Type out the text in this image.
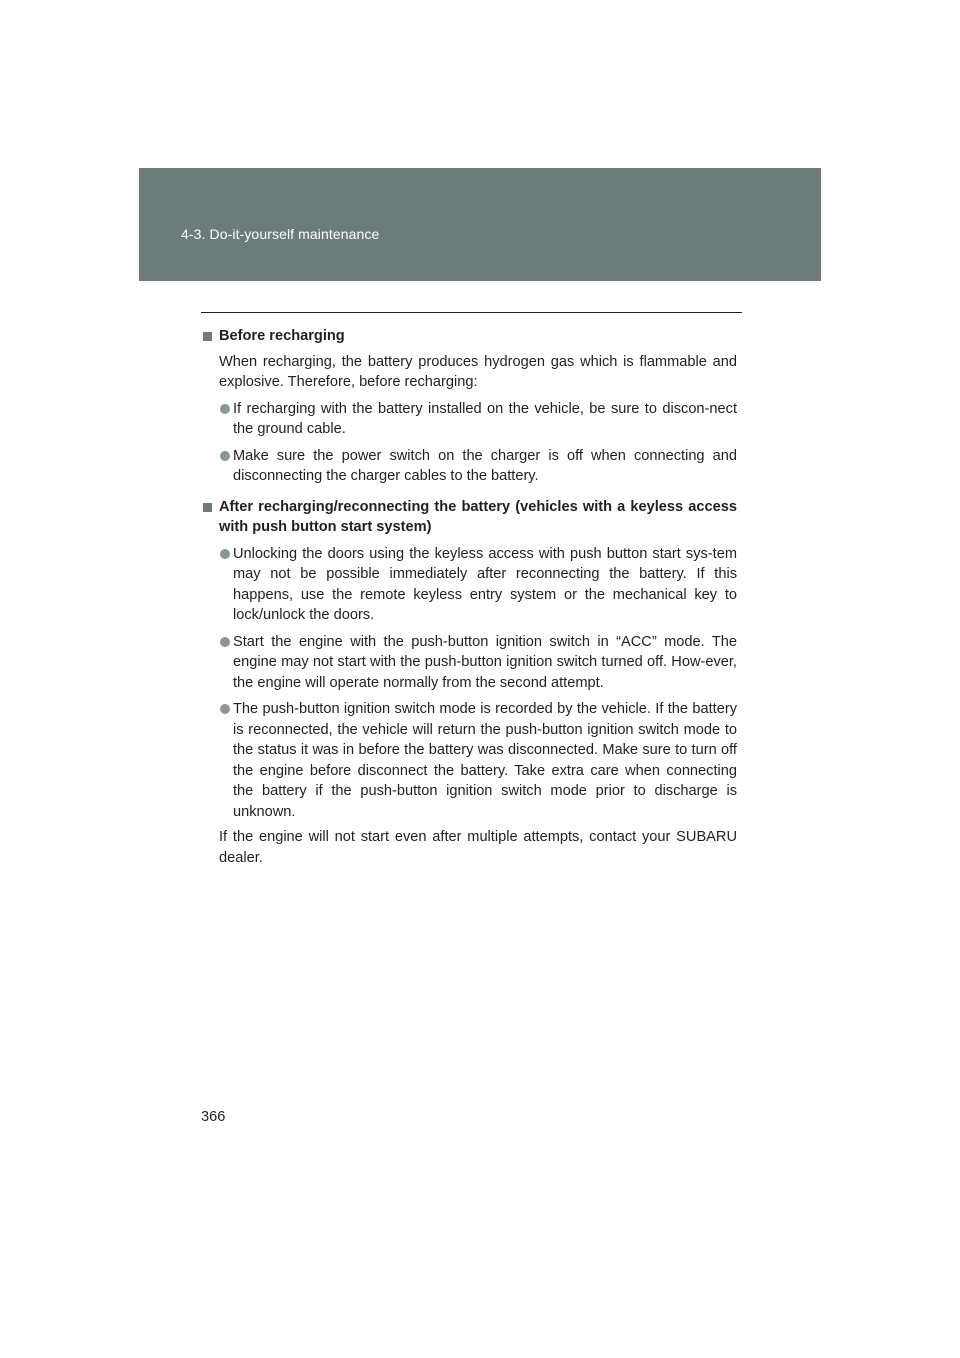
4-3. Do-it-yourself maintenance
Before recharging
When recharging, the battery produces hydrogen gas which is flammable and explosive. Therefore, before recharging:
If recharging with the battery installed on the vehicle, be sure to discon-nect the ground cable.
Make sure the power switch on the charger is off when connecting and disconnecting the charger cables to the battery.
After recharging/reconnecting the battery (vehicles with a keyless access with push button start system)
Unlocking the doors using the keyless access with push button start sys-tem may not be possible immediately after reconnecting the battery. If this happens, use the remote keyless entry system or the mechanical key to lock/unlock the doors.
Start the engine with the push-button ignition switch in “ACC” mode. The engine may not start with the push-button ignition switch turned off. How-ever, the engine will operate normally from the second attempt.
The push-button ignition switch mode is recorded by the vehicle. If the battery is reconnected, the vehicle will return the push-button ignition switch mode to the status it was in before the battery was disconnected. Make sure to turn off the engine before disconnect the battery. Take extra care when connecting the battery if the push-button ignition switch mode prior to discharge is unknown.
If the engine will not start even after multiple attempts, contact your SUBARU dealer.
366
